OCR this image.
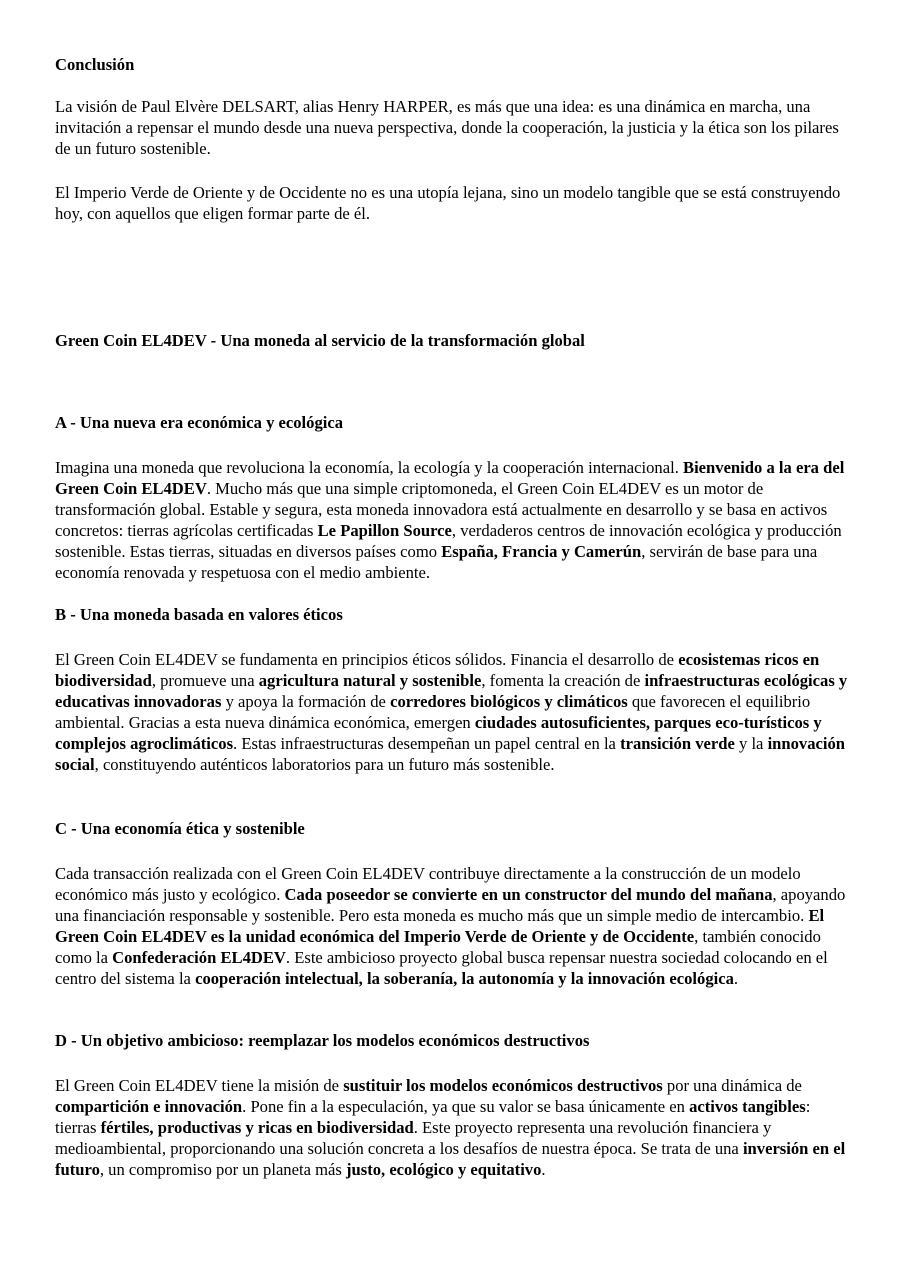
Conclusión

La visión de Paul Elvère DELSART, alias Henry HARPER, es más que una idea: es una dinámica en marcha, una invitación a repensar el mundo desde una nueva perspectiva, donde la cooperación, la justicia y la ética son los pilares de un futuro sostenible.

El Imperio Verde de Oriente y de Occidente no es una utopía lejana, sino un modelo tangible que se está construyendo hoy, con aquellos que eligen formar parte de él.

Green Coin EL4DEV - Una moneda al servicio de la transformación global
A - Una nueva era económica y ecológica

Imagina una moneda que revoluciona la economía, la ecología y la cooperación internacional. Bienvenido a la era del Green Coin EL4DEV. Mucho más que una simple criptomoneda, el Green Coin EL4DEV es un motor de transformación global. Estable y segura, esta moneda innovadora está actualmente en desarrollo y se basa en activos concretos: tierras agrícolas certificadas Le Papillon Source, verdaderos centros de innovación ecológica y producción sostenible. Estas tierras, situadas en diversos países como España, Francia y Camerún, servirán de base para una economía renovada y respetuosa con el medio ambiente.

B - Una moneda basada en valores éticos

El Green Coin EL4DEV se fundamenta en principios éticos sólidos. Financia el desarrollo de ecosistemas ricos en biodiversidad, promueve una agricultura natural y sostenible, fomenta la creación de infraestructuras ecológicas y educativas innovadoras y apoya la formación de corredores biológicos y climáticos que favorecen el equilibrio ambiental. Gracias a esta nueva dinámica económica, emergen ciudades autosuficientes, parques eco-turísticos y complejos agroclimáticos. Estas infraestructuras desempeñan un papel central en la transición verde y la innovación social, constituyendo auténticos laboratorios para un futuro más sostenible.

C - Una economía ética y sostenible

Cada transacción realizada con el Green Coin EL4DEV contribuye directamente a la construcción de un modelo económico más justo y ecológico. Cada poseedor se convierte en un constructor del mundo del mañana, apoyando una financiación responsable y sostenible. Pero esta moneda es mucho más que un simple medio de intercambio. El Green Coin EL4DEV es la unidad económica del Imperio Verde de Oriente y de Occidente, también conocido como la Confederación EL4DEV. Este ambicioso proyecto global busca repensar nuestra sociedad colocando en el centro del sistema la cooperación intelectual, la soberanía, la autonomía y la innovación ecológica.

D - Un objetivo ambicioso: reemplazar los modelos económicos destructivos

El Green Coin EL4DEV tiene la misión de sustituir los modelos económicos destructivos por una dinámica de compartición e innovación. Pone fin a la especulación, ya que su valor se basa únicamente en activos tangibles: tierras fértiles, productivas y ricas en biodiversidad. Este proyecto representa una revolución financiera y medioambiental, proporcionando una solución concreta a los desafíos de nuestra época. Se trata de una inversión en el futuro, un compromiso por un planeta más justo, ecológico y equitativo.
